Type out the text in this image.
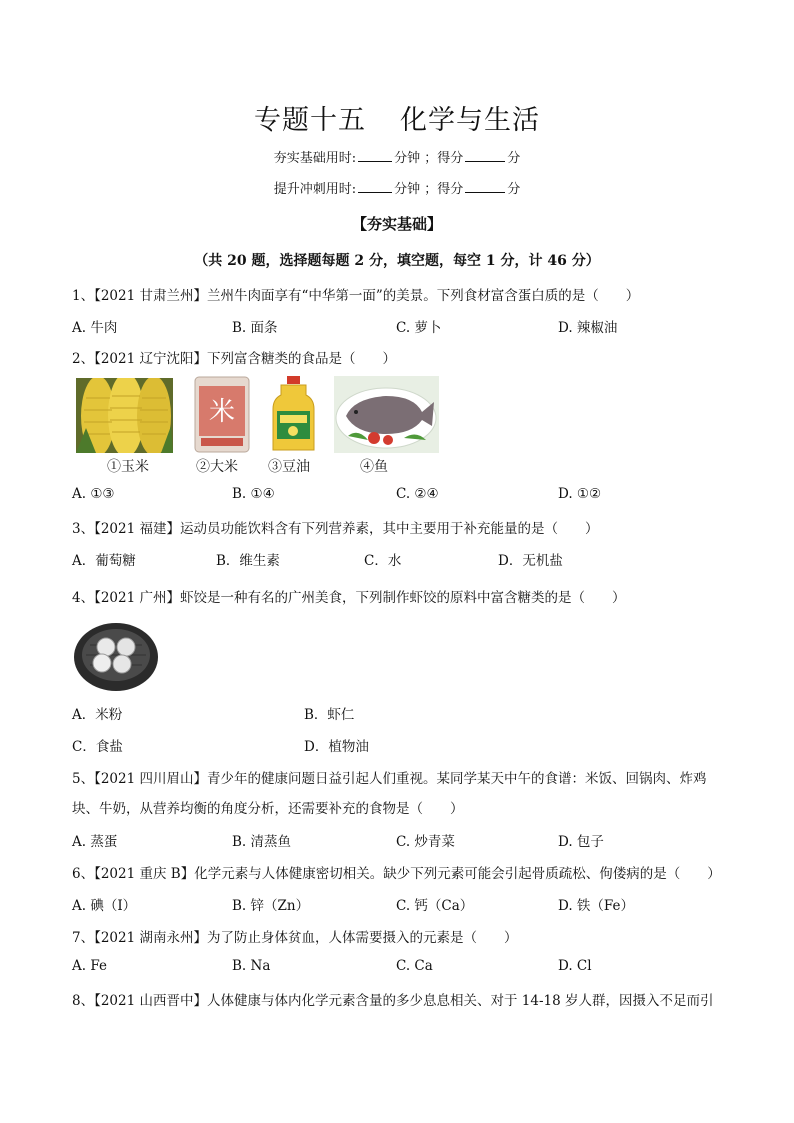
专题十五 化学与生活
夯实基础用时:	分钟 ；得分	分
提升冲刺用时:	分钟 ；得分	分
【夯实基础】
（共 20 题，选择题每题 2 分，填空题，每空 1 分，计 46 分）
1、【2021 甘肃兰州】兰州牛肉面享有“中华第一面”的美景。下列食材富含蛋白质的是（　　）
A. 牛肉	B. 面条	C. 萝卜	D. 辣椒油
2、【2021 辽宁沈阳】下列富含糖类的食品是（　　）
米
①玉米	②大米 ③豆油	④鱼
A. ①③	B. ①④	C. ②④	D. ①②
3、【2021 福建】运动员功能饮料含有下列营养素，其中主要用于补充能量的是（　　）
A．葡萄糖	B．维生素	C．水	D．无机盐
4、【2021 广州】虾饺是一种有名的广州美食，下列制作虾饺的原料中富含糖类的是（　　）
A．米粉	B．虾仁
C．食盐	D．植物油
5、【2021 四川眉山】青少年的健康问题日益引起人们重视。某同学某天中午的食谱：米饭、回锅肉、炸鸡
块、牛奶，从营养均衡的角度分析，还需要补充的食物是（　　）
A. 蒸蛋	B. 清蒸鱼	C. 炒青菜	D. 包子
6、【2021 重庆 B】化学元素与人体健康密切相关。缺少下列元素可能会引起骨质疏松、佝偻病的是（　　）
A. 碘（I）	B. 锌（Zn）	C. 钙（Ca）	D. 铁（Fe）
7、【2021 湖南永州】为了防止身体贫血，人体需要摄入的元素是（　　）
A. Fe	B. Na	C. Ca	D. Cl
8、【2021 山西晋中】人体健康与体内化学元素含量的多少息息相关、对于 14-18 岁人群，因摄入不足而引
